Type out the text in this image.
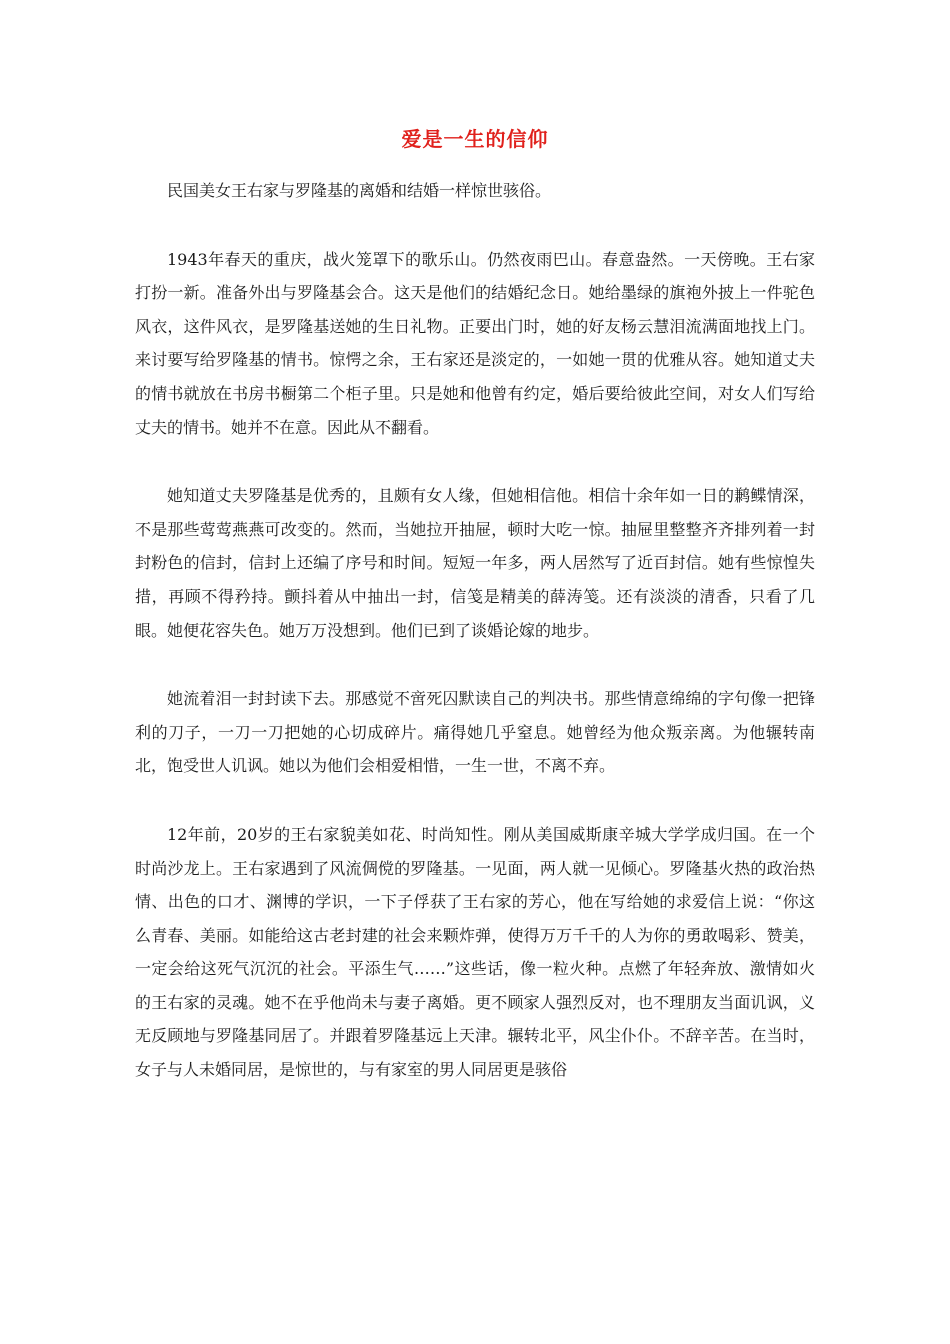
爱是一生的信仰

民国美女王右家与罗隆基的离婚和结婚一样惊世骇俗。

1943年春天的重庆，战火笼罩下的歌乐山。仍然夜雨巴山。春意盎然。一天傍晚。王右家打扮一新。准备外出与罗隆基会合。这天是他们的结婚纪念日。她给墨绿的旗袍外披上一件驼色风衣，这件风衣，是罗隆基送她的生日礼物。正要出门时，她的好友杨云慧泪流满面地找上门。来讨要写给罗隆基的情书。惊愕之余，王右家还是淡定的，一如她一贯的优雅从容。她知道丈夫的情书就放在书房书橱第二个柜子里。只是她和他曾有约定，婚后要给彼此空间，对女人们写给丈夫的情书。她并不在意。因此从不翻看。

她知道丈夫罗隆基是优秀的，且颇有女人缘，但她相信他。相信十余年如一日的鹣鲽情深，不是那些莺莺燕燕可改变的。然而，当她拉开抽屉，顿时大吃一惊。抽屉里整整齐齐排列着一封封粉色的信封，信封上还编了序号和时间。短短一年多，两人居然写了近百封信。她有些惊惶失措，再顾不得矜持。颤抖着从中抽出一封，信笺是精美的薛涛笺。还有淡淡的清香，只看了几眼。她便花容失色。她万万没想到。他们已到了谈婚论嫁的地步。

她流着泪一封封读下去。那感觉不啻死囚默读自己的判决书。那些情意绵绵的字句像一把锋利的刀子，一刀一刀把她的心切成碎片。痛得她几乎窒息。她曾经为他众叛亲离。为他辗转南北，饱受世人讥讽。她以为他们会相爱相惜，一生一世，不离不弃。

12年前，20岁的王右家貌美如花、时尚知性。刚从美国威斯康辛城大学学成归国。在一个时尚沙龙上。王右家遇到了风流倜傥的罗隆基。一见面，两人就一见倾心。罗隆基火热的政治热情、出色的口才、渊博的学识，一下子俘获了王右家的芳心，他在写给她的求爱信上说：“你这么青春、美丽。如能给这古老封建的社会来颗炸弹，使得万万千千的人为你的勇敢喝彩、赞美，一定会给这死气沉沉的社会。平添生气……”这些话，像一粒火种。点燃了年轻奔放、激情如火的王右家的灵魂。她不在乎他尚未与妻子离婚。更不顾家人强烈反对，也不理朋友当面讥讽，义无反顾地与罗隆基同居了。并跟着罗隆基远上天津。辗转北平，风尘仆仆。不辞辛苦。在当时，女子与人未婚同居，是惊世的，与有家室的男人同居更是骇俗
